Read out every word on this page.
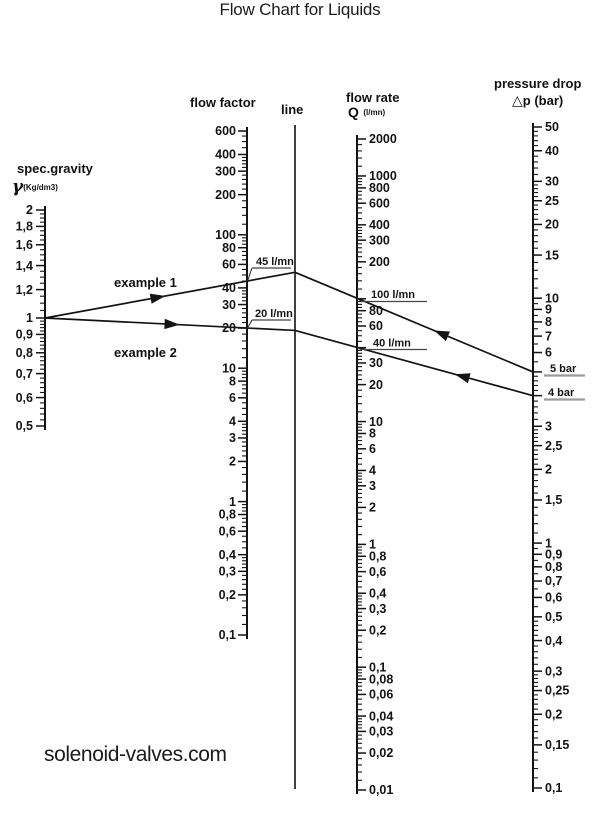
2
1,8
1,6
1,4
1,2
1
0,9
0,8
0,7
0,6
0,5
600
400
300
200
100
80
60
40
30
20
10
8
6
4
3
2
1
0,8
0,6
0,4
0,3
0,2
0,1
2000
1000
800
600
400
300
200
80
60
30
20
10
8
6
4
3
2
1
0,8
0,6
0,4
0,3
0,2
0,1
0,08
0,06
0,04
0,03
0,02
0,01
50
40
30
25
20
15
10
9
8
7
6
3
2,5
2
1,5
1
0,9
0,8
0,7
0,6
0,5
0,4
0,3
0,25
0,2
0,15
0,1
45 l/mn
20 l/mn
100 l/mn
40 l/mn
5 bar
4 bar
Flow Chart for Liquids
spec.gravity
γ(Kg/dm3)
flow factor line
flow rate
Q (l/mn)
pressure drop
△p (bar)
example 1
example 2
solenoid-valves.com
